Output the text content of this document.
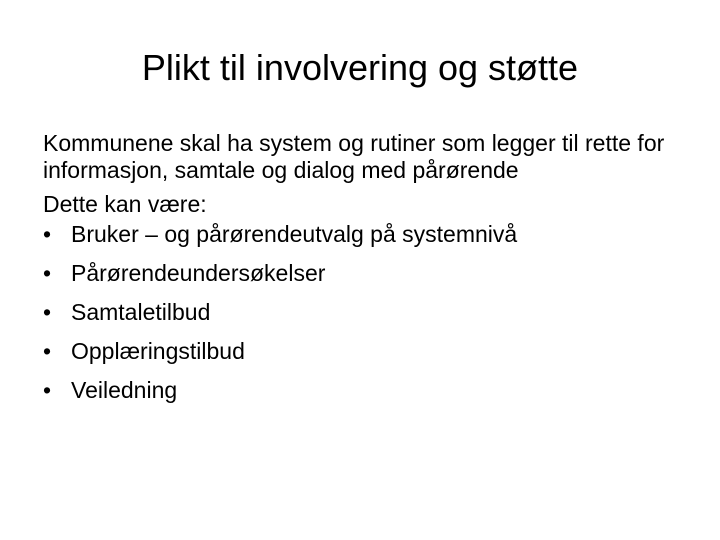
Plikt til involvering og støtte

Kommunene skal ha system og rutiner som legger til rette for informasjon, samtale og dialog med pårørende

Dette kan være:

• Bruker – og pårørendeutvalg på systemnivå
• Pårørendeundersøkelser
• Samtaletilbud
• Opplæringstilbud
• Veiledning
